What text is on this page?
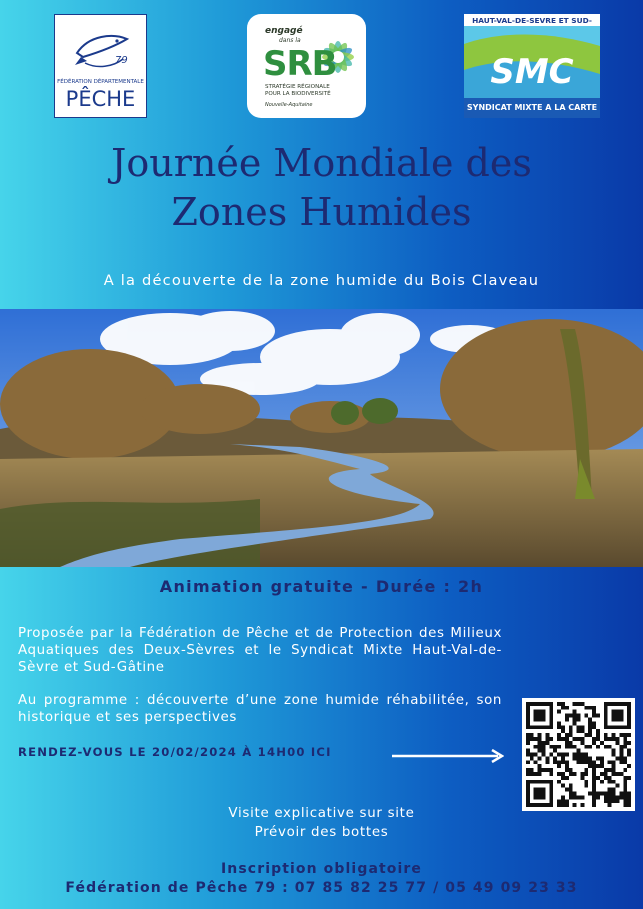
79
FÉDÉRATION DÉPARTEMENTALE
PÊCHE
engagé
dans la
SRB
STRATÉGIE RÉGIONALE
POUR LA BIODIVERSITÉ
Nouvelle-Aquitaine
HAUT-VAL-DE-SEVRE ET SUD-
SMC
SYNDICAT MIXTE A LA CARTE
Journée Mondiale des
Zones Humides
A la découverte de la zone humide du Bois Claveau
Animation gratuite - Durée : 2h
Proposée par la Fédération de Pêche et de Protection des Milieux Aquatiques des Deux-Sèvres et le Syndicat Mixte Haut-Val-de-Sèvre et Sud-Gâtine
Au programme : découverte d’une zone humide réhabilitée, son historique et ses perspectives
RENDEZ-VOUS LE 20/02/2024 À 14H00 ICI
Visite explicative sur site
Prévoir des bottes
Inscription obligatoire
Fédération de Pêche 79 : 07 85 82 25 77 / 05 49 09 23 33
